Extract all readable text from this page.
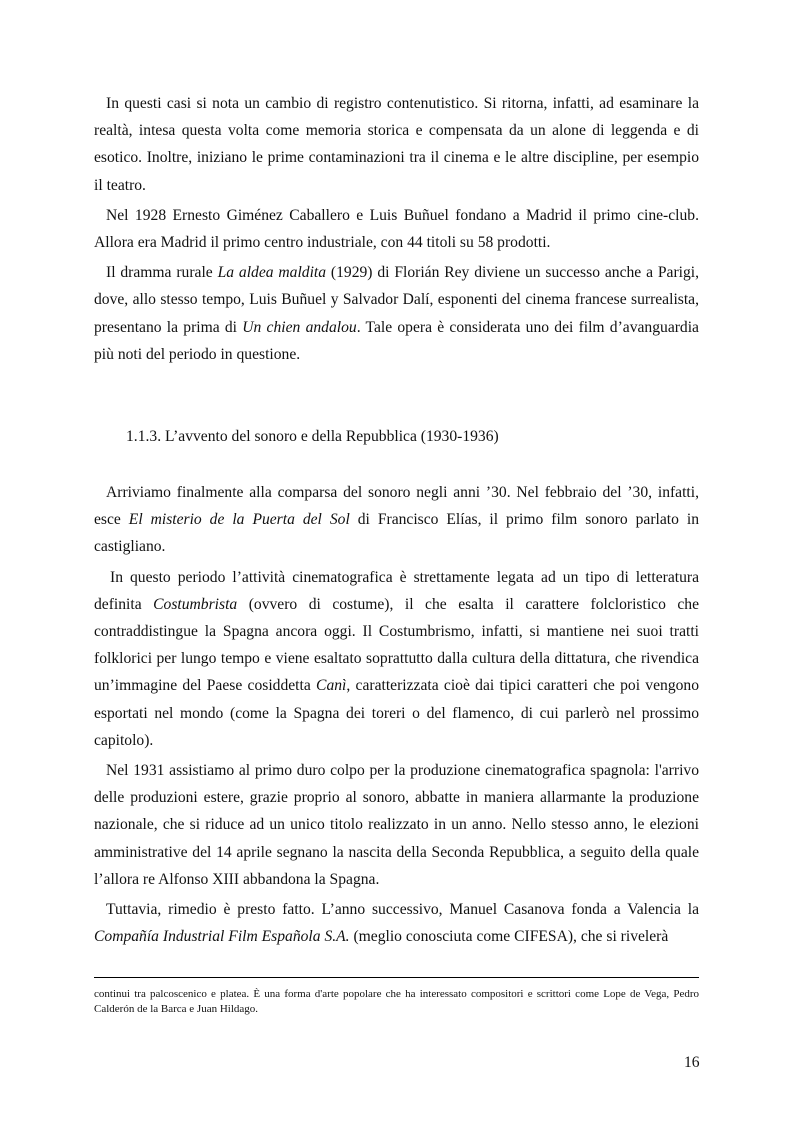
In questi casi si nota un cambio di registro contenutistico. Si ritorna, infatti, ad esaminare la realtà, intesa questa volta come memoria storica e compensata da un alone di leggenda e di esotico. Inoltre, iniziano le prime contaminazioni tra il cinema e le altre discipline, per esempio il teatro.

Nel 1928 Ernesto Giménez Caballero e Luis Buñuel fondano a Madrid il primo cine-club. Allora era Madrid il primo centro industriale, con 44 titoli su 58 prodotti.

Il dramma rurale La aldea maldita (1929) di Florián Rey diviene un successo anche a Parigi, dove, allo stesso tempo, Luis Buñuel y Salvador Dalí, esponenti del cinema francese surrealista, presentano la prima di Un chien andalou. Tale opera è considerata uno dei film d’avanguardia più noti del periodo in questione.

1.1.3. L’avvento del sonoro e della Repubblica (1930-1936)

Arriviamo finalmente alla comparsa del sonoro negli anni ’30. Nel febbraio del ’30, infatti, esce El misterio de la Puerta del Sol di Francisco Elías, il primo film sonoro parlato in castigliano.

In questo periodo l’attività cinematografica è strettamente legata ad un tipo di letteratura definita Costumbrista (ovvero di costume), il che esalta il carattere folcloristico che contraddistingue la Spagna ancora oggi. Il Costumbrismo, infatti, si mantiene nei suoi tratti folklorici per lungo tempo e viene esaltato soprattutto dalla cultura della dittatura, che rivendica un’immagine del Paese cosiddetta Canì, caratterizzata cioè dai tipici caratteri che poi vengono esportati nel mondo (come la Spagna dei toreri o del flamenco, di cui parlerò nel prossimo capitolo).

Nel 1931 assistiamo al primo duro colpo per la produzione cinematografica spagnola: l'arrivo delle produzioni estere, grazie proprio al sonoro, abbatte in maniera allarmante la produzione nazionale, che si riduce ad un unico titolo realizzato in un anno. Nello stesso anno, le elezioni amministrative del 14 aprile segnano la nascita della Seconda Repubblica, a seguito della quale l’allora re Alfonso XIII abbandona la Spagna.

Tuttavia, rimedio è presto fatto. L’anno successivo, Manuel Casanova fonda a Valencia la Compañía Industrial Film Española S.A. (meglio conosciuta come CIFESA), che si rivelerà

continui tra palcoscenico e platea. È una forma d'arte popolare che ha interessato compositori e scrittori come Lope de Vega, Pedro Calderón de la Barca e Juan Hildago.

16
